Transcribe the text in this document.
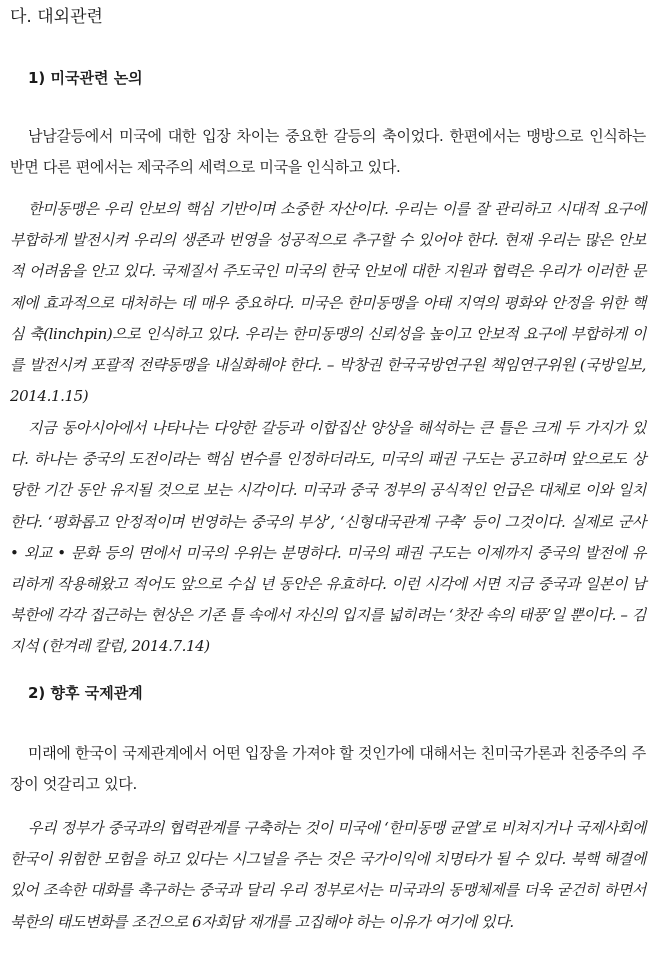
다. 대외관련
1) 미국관련 논의

남남갈등에서 미국에 대한 입장 차이는 중요한 갈등의 축이었다. 한편에서는 맹방으로 인식하는 반면 다른 편에서는 제국주의 세력으로 미국을 인식하고 있다.

한미동맹은 우리 안보의 핵심 기반이며 소중한 자산이다. 우리는 이를 잘 관리하고 시대적 요구에 부합하게 발전시켜 우리의 생존과 번영을 성공적으로 추구할 수 있어야 한다. 현재 우리는 많은 안보적 어려움을 안고 있다. 국제질서 주도국인 미국의 한국 안보에 대한 지원과 협력은 우리가 이러한 문제에 효과적으로 대처하는 데 매우 중요하다. 미국은 한미동맹을 아태 지역의 평화와 안정을 위한 핵심 축(linchpin)으로 인식하고 있다. 우리는 한미동맹의 신뢰성을 높이고 안보적 요구에 부합하게 이를 발전시켜 포괄적 전략동맹을 내실화해야 한다. – 박창권 한국국방연구원 책임연구위원 (국방일보, 2014.1.15)

지금 동아시아에서 나타나는 다양한 갈등과 이합집산 양상을 해석하는 큰 틀은 크게 두 가지가 있다. 하나는 중국의 도전이라는 핵심 변수를 인정하더라도, 미국의 패권 구도는 공고하며 앞으로도 상당한 기간 동안 유지될 것으로 보는 시각이다. 미국과 중국 정부의 공식적인 언급은 대체로 이와 일치한다. ‘평화롭고 안정적이며 번영하는 중국의 부상’, ‘신형대국관계 구축’ 등이 그것이다. 실제로 군사 • 외교 • 문화 등의 면에서 미국의 우위는 분명하다. 미국의 패권 구도는 이제까지 중국의 발전에 유리하게 작용해왔고 적어도 앞으로 수십 년 동안은 유효하다. 이런 시각에 서면 지금 중국과 일본이 남북한에 각각 접근하는 현상은 기존 틀 속에서 자신의 입지를 넓히려는 ‘찻잔 속의 태풍’일 뿐이다. – 김지석 (한겨레 칼럼, 2014.7.14)

2) 향후 국제관계

미래에 한국이 국제관계에서 어떤 입장을 가져야 할 것인가에 대해서는 친미국가론과 친중주의 주장이 엇갈리고 있다.

우리 정부가 중국과의 협력관계를 구축하는 것이 미국에 ‘한미동맹 균열’로 비쳐지거나 국제사회에 한국이 위험한 모험을 하고 있다는 시그널을 주는 것은 국가이익에 치명타가 될 수 있다. 북핵 해결에 있어 조속한 대화를 촉구하는 중국과 달리 우리 정부로서는 미국과의 동맹체제를 더욱 굳건히 하면서 북한의 태도변화를 조건으로 6자회담 재개를 고집해야 하는 이유가 여기에 있다.
